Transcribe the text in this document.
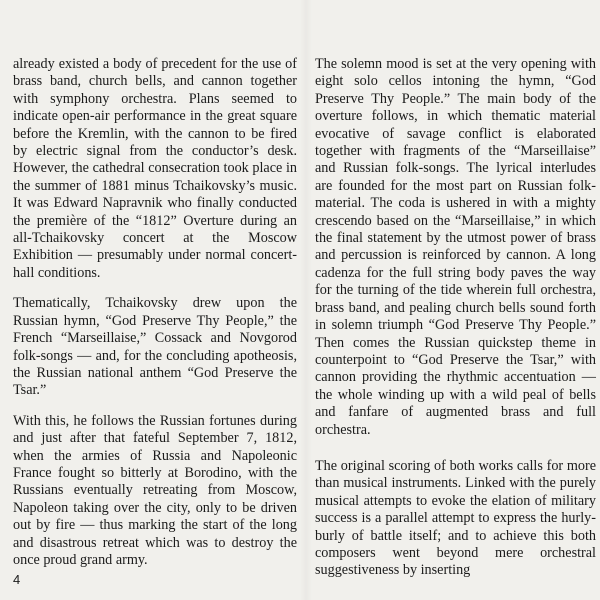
already existed a body of precedent for the use of brass band, church bells, and cannon together with symphony orchestra. Plans seemed to indicate open-air performance in the great square before the Kremlin, with the cannon to be fired by electric signal from the conductor’s desk. However, the cathedral consecration took place in the summer of 1881 minus Tchaikovsky’s music. It was Edward Napravnik who finally conducted the première of the “1812” Overture during an all-Tchaikovsky concert at the Moscow Exhibition — presumably under normal concert-hall conditions.

Thematically, Tchaikovsky drew upon the Russian hymn, “God Preserve Thy People,” the French “Marseillaise,” Cossack and Novgorod folk-songs — and, for the concluding apotheosis, the Russian national anthem “God Preserve the Tsar.”

With this, he follows the Russian fortunes during and just after that fateful September 7, 1812, when the armies of Russia and Napoleonic France fought so bitterly at Borodino, with the Russians eventually retreating from Moscow, Napoleon taking over the city, only to be driven out by fire — thus marking the start of the long and disastrous retreat which was to destroy the once proud grand army.

The solemn mood is set at the very opening with eight solo cellos intoning the hymn, “God Preserve Thy People.” The main body of the overture follows, in which thematic material evocative of savage conflict is elaborated together with fragments of the “Marseillaise” and Russian folk-songs. The lyrical interludes are founded for the most part on Russian folk-material. The coda is ushered in with a mighty crescendo based on the “Marseillaise,” in which the final statement by the utmost power of brass and percussion is reinforced by cannon. A long cadenza for the full string body paves the way for the turning of the tide wherein full orchestra, brass band, and pealing church bells sound forth in solemn triumph “God Preserve Thy People.” Then comes the Russian quickstep theme in counterpoint to “God Preserve the Tsar,” with cannon providing the rhythmic accentuation — the whole winding up with a wild peal of bells and fanfare of augmented brass and full orchestra.

The original scoring of both works calls for more than musical instruments. Linked with the purely musical attempts to evoke the elation of military success is a parallel attempt to express the hurly-burly of battle itself; and to achieve this both composers went beyond mere orchestral suggestiveness by inserting

4
